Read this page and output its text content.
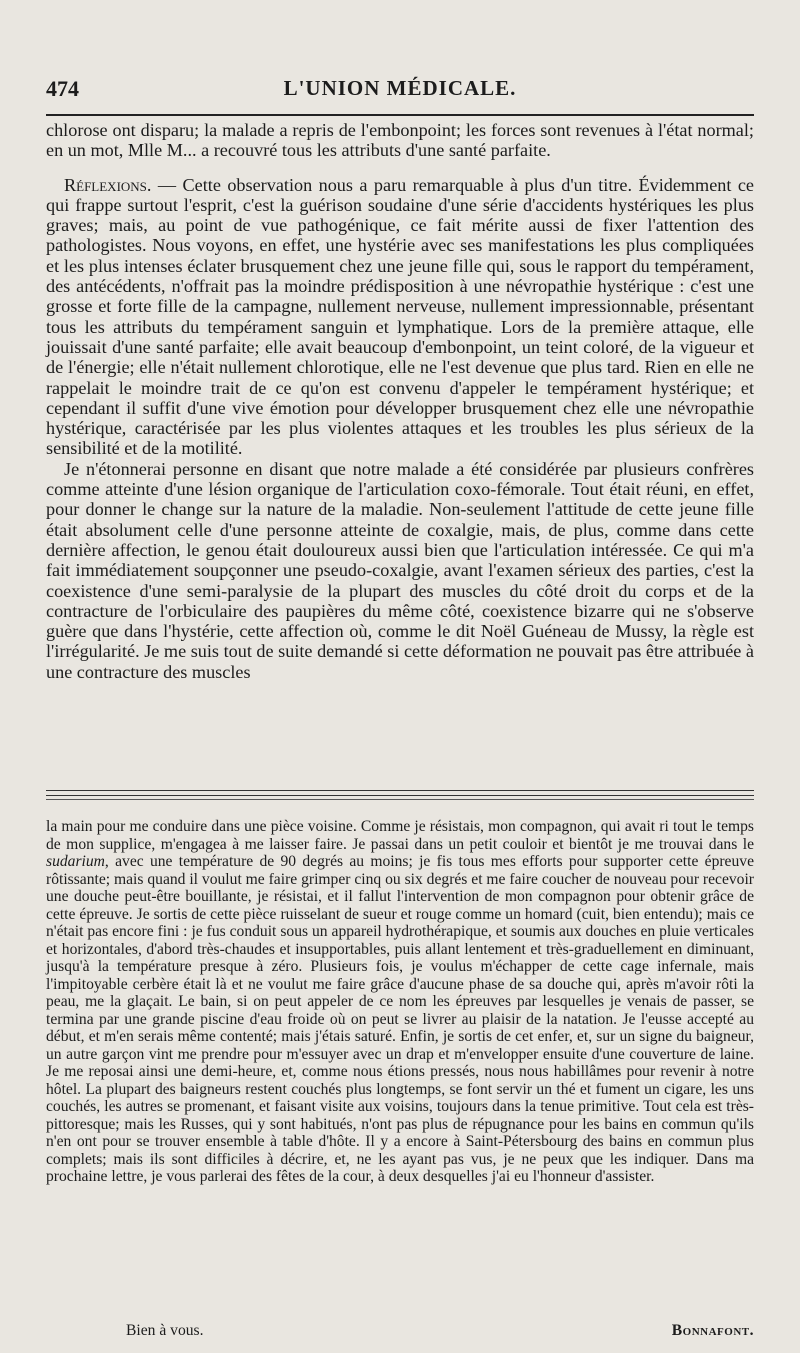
474	L'UNION MÉDICALE.

chlorose ont disparu; la malade a repris de l'embonpoint; les forces sont revenues à l'état normal; en un mot, Mlle M... a recouvré tous les attributs d'une santé parfaite.

Réflexions. — Cette observation nous a paru remarquable à plus d'un titre. Évidemment ce qui frappe surtout l'esprit, c'est la guérison soudaine d'une série d'accidents hystériques les plus graves; mais, au point de vue pathogénique, ce fait mérite aussi de fixer l'attention des pathologistes. Nous voyons, en effet, une hystérie avec ses manifestations les plus compliquées et les plus intenses éclater brusquement chez une jeune fille qui, sous le rapport du tempérament, des antécédents, n'offrait pas la moindre prédisposition à une névropathie hystérique : c'est une grosse et forte fille de la campagne, nullement nerveuse, nullement impressionnable, présentant tous les attributs du tempérament sanguin et lymphatique. Lors de la première attaque, elle jouissait d'une santé parfaite; elle avait beaucoup d'embonpoint, un teint coloré, de la vigueur et de l'énergie; elle n'était nullement chlorotique, elle ne l'est devenue que plus tard. Rien en elle ne rappelait le moindre trait de ce qu'on est convenu d'appeler le tempérament hystérique; et cependant il suffit d'une vive émotion pour développer brusquement chez elle une névropathie hystérique, caractérisée par les plus violentes attaques et les troubles les plus sérieux de la sensibilité et de la motilité.

Je n'étonnerai personne en disant que notre malade a été considérée par plusieurs confrères comme atteinte d'une lésion organique de l'articulation coxo-fémorale. Tout était réuni, en effet, pour donner le change sur la nature de la maladie. Non-seulement l'attitude de cette jeune fille était absolument celle d'une personne atteinte de coxalgie, mais, de plus, comme dans cette dernière affection, le genou était douloureux aussi bien que l'articulation intéressée. Ce qui m'a fait immédiatement soupçonner une pseudo-coxalgie, avant l'examen sérieux des parties, c'est la coexistence d'une semi-paralysie de la plupart des muscles du côté droit du corps et de la contracture de l'orbiculaire des paupières du même côté, coexistence bizarre qui ne s'observe guère que dans l'hystérie, cette affection où, comme le dit Noël Guéneau de Mussy, la règle est l'irrégularité. Je me suis tout de suite demandé si cette déformation ne pouvait pas être attribuée à une contracture des muscles

la main pour me conduire dans une pièce voisine. Comme je résistais, mon compagnon, qui avait ri tout le temps de mon supplice, m'engagea à me laisser faire. Je passai dans un petit couloir et bientôt je me trouvai dans le sudarium, avec une température de 90 degrés au moins; je fis tous mes efforts pour supporter cette épreuve rôtissante; mais quand il voulut me faire grimper cinq ou six degrés et me faire coucher de nouveau pour recevoir une douche peut-être bouillante, je résistai, et il fallut l'intervention de mon compagnon pour obtenir grâce de cette épreuve. Je sortis de cette pièce ruisselant de sueur et rouge comme un homard (cuit, bien entendu); mais ce n'était pas encore fini : je fus conduit sous un appareil hydrothérapique, et soumis aux douches en pluie verticales et horizontales, d'abord très-chaudes et insupportables, puis allant lentement et très-graduellement en diminuant, jusqu'à la température presque à zéro. Plusieurs fois, je voulus m'échapper de cette cage infernale, mais l'impitoyable cerbère était là et ne voulut me faire grâce d'aucune phase de sa douche qui, après m'avoir rôti la peau, me la glaçait. Le bain, si on peut appeler de ce nom les épreuves par lesquelles je venais de passer, se termina par une grande piscine d'eau froide où on peut se livrer au plaisir de la natation. Je l'eusse accepté au début, et m'en serais même contenté; mais j'étais saturé. Enfin, je sortis de cet enfer, et, sur un signe du baigneur, un autre garçon vint me prendre pour m'essuyer avec un drap et m'envelopper ensuite d'une couverture de laine. Je me reposai ainsi une demi-heure, et, comme nous étions pressés, nous nous habillâmes pour revenir à notre hôtel. La plupart des baigneurs restent couchés plus longtemps, se font servir un thé et fument un cigare, les uns couchés, les autres se promenant, et faisant visite aux voisins, toujours dans la tenue primitive. Tout cela est très-pittoresque; mais les Russes, qui y sont habitués, n'ont pas plus de répugnance pour les bains en commun qu'ils n'en ont pour se trouver ensemble à table d'hôte. Il y a encore à Saint-Pétersbourg des bains en commun plus complets; mais ils sont difficiles à décrire, et, ne les ayant pas vus, je ne peux que les indiquer. Dans ma prochaine lettre, je vous parlerai des fêtes de la cour, à deux desquelles j'ai eu l'honneur d'assister.

Bien à vous.	Bonnafont.
